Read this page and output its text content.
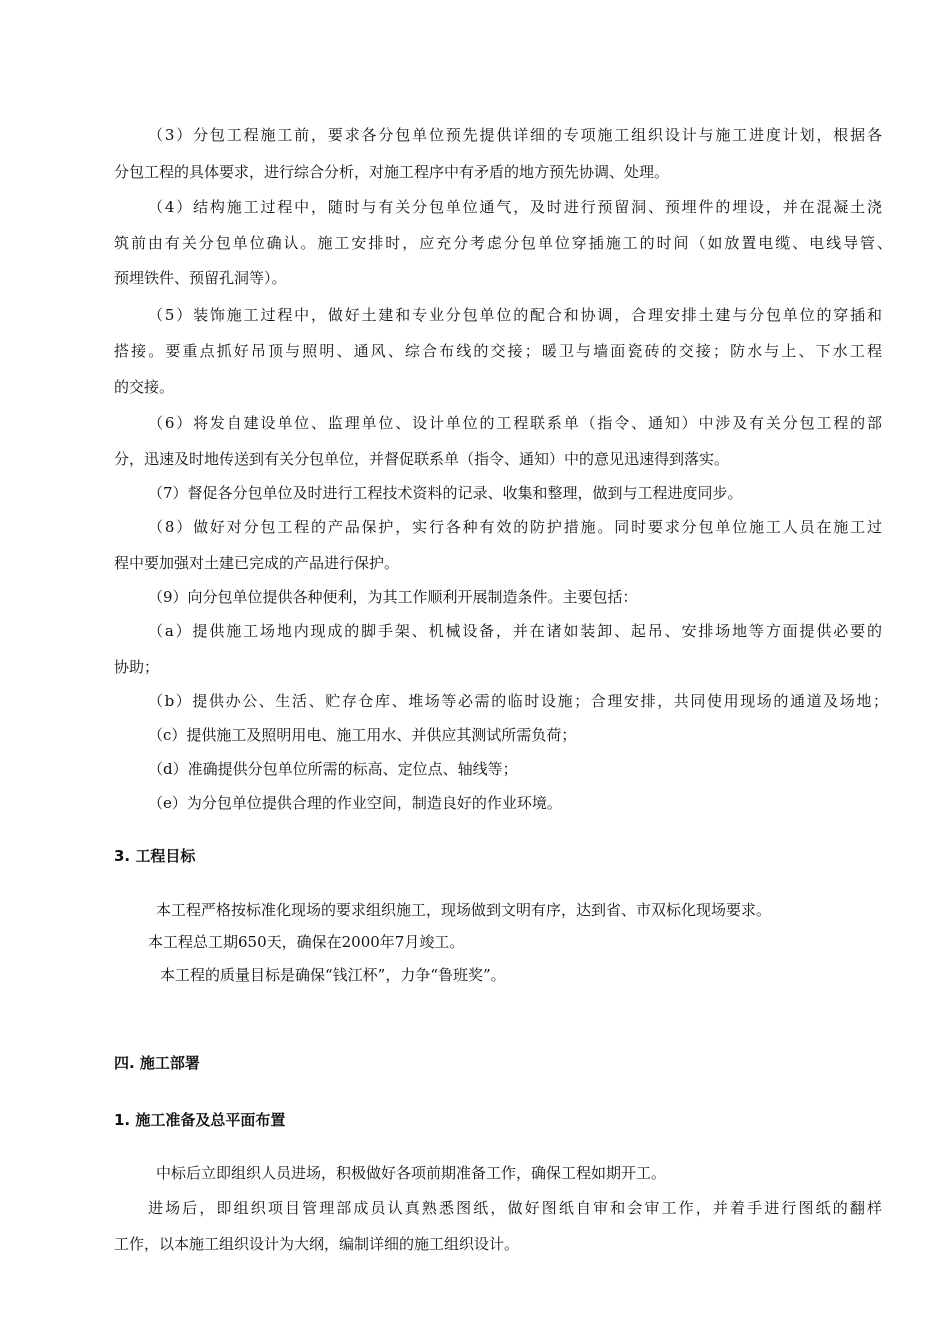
（3）分包工程施工前，要求各分包单位预先提供详细的专项施工组织设计与施工进度计划，根据各
分包工程的具体要求，进行综合分析，对施工程序中有矛盾的地方预先协调、处理。
（4）结构施工过程中，随时与有关分包单位通气，及时进行预留洞、预埋件的埋设，并在混凝土浇
筑前由有关分包单位确认。施工安排时，应充分考虑分包单位穿插施工的时间（如放置电缆、电线导管、
预埋铁件、预留孔洞等）。
（5）装饰施工过程中，做好土建和专业分包单位的配合和协调，合理安排土建与分包单位的穿插和
搭接。要重点抓好吊顶与照明、通风、综合布线的交接；暖卫与墙面瓷砖的交接；防水与上、下水工程
的交接。
（6）将发自建设单位、监理单位、设计单位的工程联系单（指令、通知）中涉及有关分包工程的部
分，迅速及时地传送到有关分包单位，并督促联系单（指令、通知）中的意见迅速得到落实。
（7）督促各分包单位及时进行工程技术资料的记录、收集和整理，做到与工程进度同步。
（8）做好对分包工程的产品保护，实行各种有效的防护措施。同时要求分包单位施工人员在施工过
程中要加强对土建已完成的产品进行保护。
（9）向分包单位提供各种便利，为其工作顺利开展制造条件。主要包括：
（a）提供施工场地内现成的脚手架、机械设备，并在诸如装卸、起吊、安排场地等方面提供必要的
协助；
（b）提供办公、生活、贮存仓库、堆场等必需的临时设施；合理安排，共同使用现场的通道及场地；
（c）提供施工及照明用电、施工用水、并供应其测试所需负荷；
（d）准确提供分包单位所需的标高、定位点、轴线等；
（e）为分包单位提供合理的作业空间，制造良好的作业环境。
3. 工程目标
本工程严格按标准化现场的要求组织施工，现场做到文明有序，达到省、市双标化现场要求。
本工程总工期650天，确保在2000年7月竣工。
本工程的质量目标是确保“钱江杯”，力争“鲁班奖”。
四. 施工部署
1. 施工准备及总平面布置
中标后立即组织人员进场，积极做好各项前期准备工作，确保工程如期开工。
进场后，即组织项目管理部成员认真熟悉图纸，做好图纸自审和会审工作，并着手进行图纸的翻样
工作，以本施工组织设计为大纲，编制详细的施工组织设计。
